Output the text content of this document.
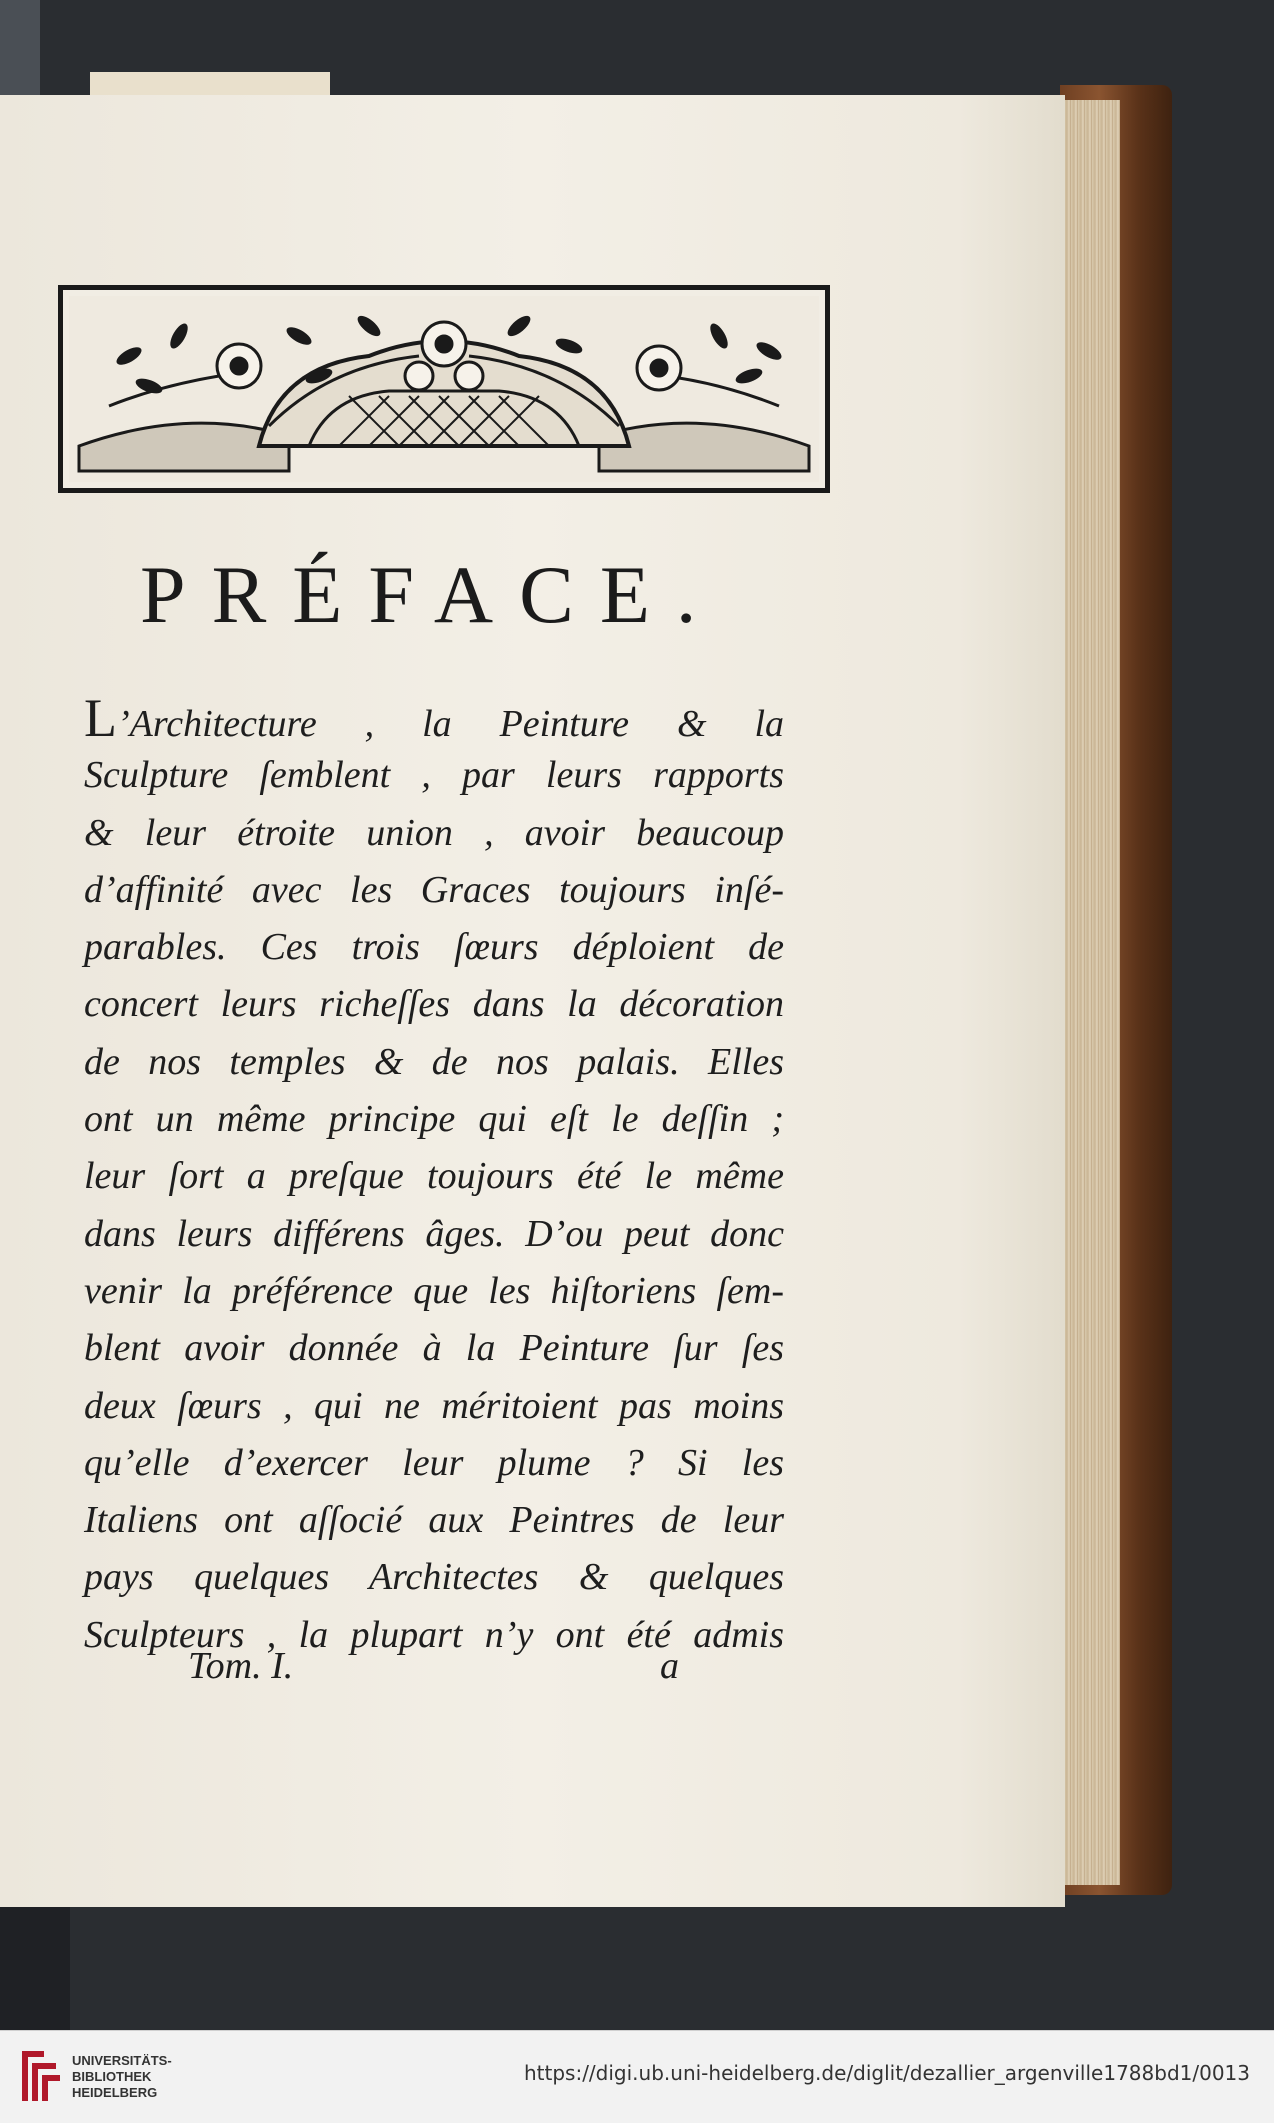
PRÉFACE.
L’Architecture , la Peinture & la
Sculpture ſemblent , par leurs rapports
& leur étroite union , avoir beaucoup
d’affinité avec les Graces toujours inſé-
parables. Ces trois ſœurs déploient de
concert leurs richeſſes dans la décoration
de nos temples & de nos palais. Elles
ont un même principe qui eſt le deſſin ;
leur ſort a preſque toujours été le même
dans leurs différens âges. D’ou peut donc
venir la préférence que les hiſtoriens ſem-
blent avoir donnée à la Peinture ſur ſes
deux ſœurs , qui ne méritoient pas moins
qu’elle d’exercer leur plume ? Si les
Italiens ont aſſocié aux Peintres de leur
pays quelques Architectes & quelques
Sculpteurs , la plupart n’y ont été admis
Tom. I.	a
UNIVERSITÄTS-
BIBLIOTHEK
HEIDELBERG
https://digi.ub.uni-heidelberg.de/diglit/dezallier_argenville1788bd1/0013
